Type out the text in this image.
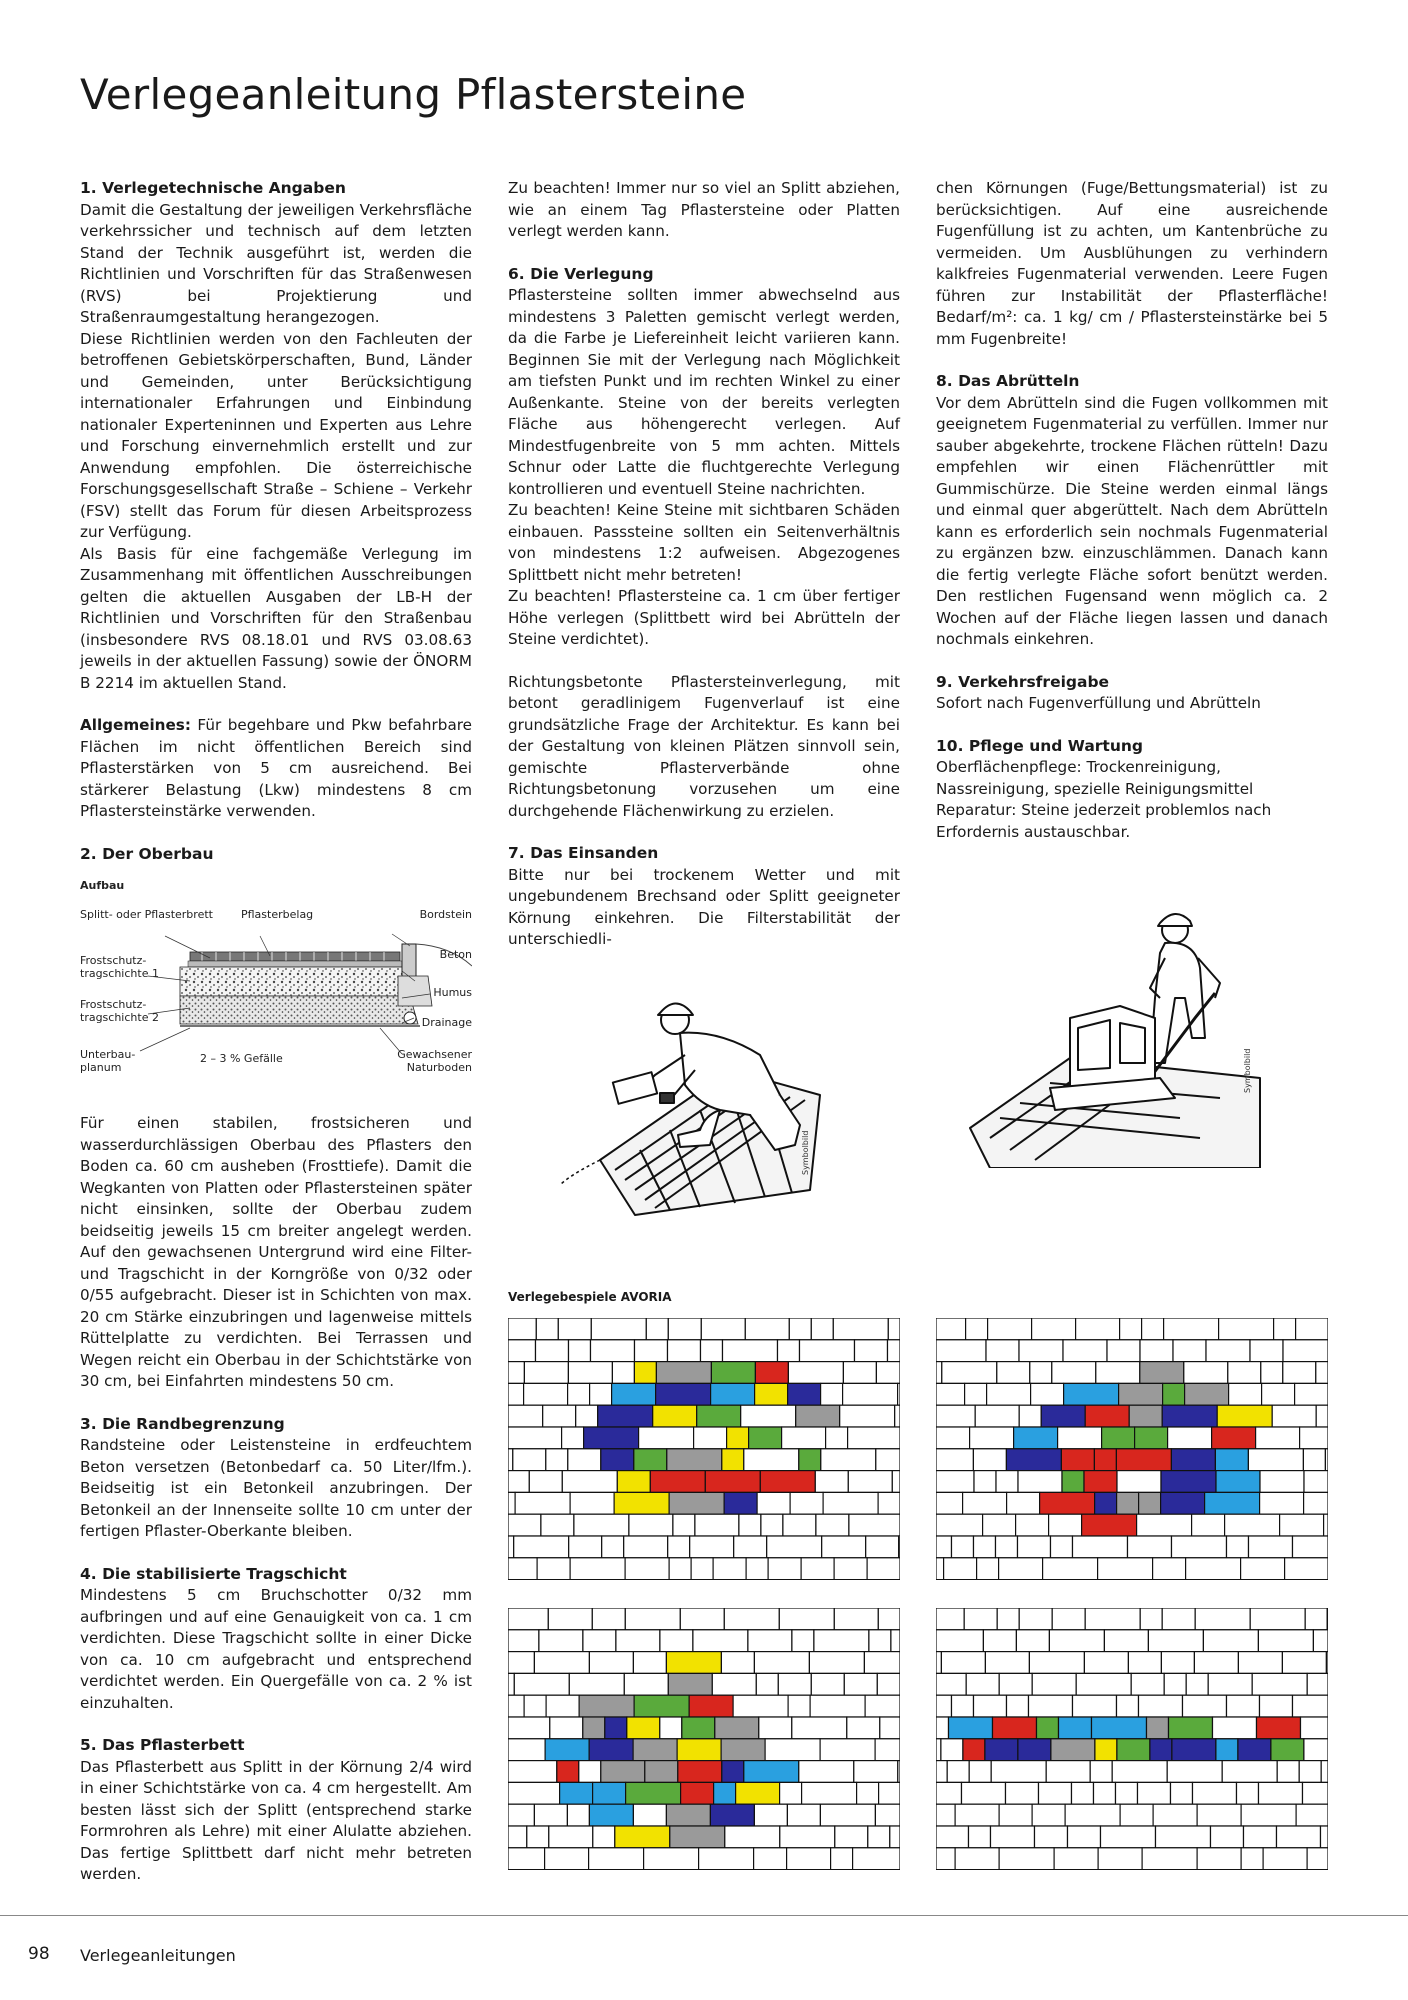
Verlegeanleitung Pflastersteine
1. Verlegetechnische Angaben

Damit die Gestaltung der jeweiligen Verkehrsfläche verkehrssicher und technisch auf dem letzten Stand der Technik ausgeführt ist, werden die Richtlinien und Vorschriften für das Straßenwesen (RVS) bei Projektierung und Straßenraumgestaltung herangezogen.

Diese Richtlinien werden von den Fachleuten der betroffenen Gebietskörperschaften, Bund, Länder und Gemeinden, unter Berücksichtigung internationaler Erfahrungen und Einbindung nationaler Experteninnen und Experten aus Lehre und Forschung einvernehmlich erstellt und zur Anwendung empfohlen. Die österreichische Forschungsgesellschaft Straße – Schiene – Verkehr (FSV) stellt das Forum für diesen Arbeitsprozess zur Verfügung.

Als Basis für eine fachgemäße Verlegung im Zusammenhang mit öffentlichen Ausschreibungen gelten die aktuellen Ausgaben der LB-H der Richtlinien und Vorschriften für den Straßenbau (insbesondere RVS 08.18.01 und RVS 03.08.63 jeweils in der aktuellen Fassung) sowie der ÖNORM B 2214 im aktuellen Stand.

Allgemeines: Für begehbare und Pkw befahrbare Flächen im nicht öffentlichen Bereich sind Pflasterstärken von 5 cm ausreichend. Bei stärkerer Belastung (Lkw) mindestens 8 cm Pflastersteinstärke verwenden.

2. Der Oberbau

Für einen stabilen, frostsicheren und wasserdurchlässigen Oberbau des Pflasters den Boden ca. 60 cm ausheben (Frosttiefe). Damit die Wegkanten von Platten oder Pflastersteinen später nicht einsinken, sollte der Oberbau zudem beidseitig jeweils 15 cm breiter angelegt werden. Auf den gewachsenen Untergrund wird eine Filter- und Tragschicht in der Korngröße von 0/32 oder 0/55 aufgebracht. Dieser ist in Schichten von max. 20 cm Stärke einzubringen und lagenweise mittels Rüttelplatte zu verdichten. Bei Terrassen und Wegen reicht ein Oberbau in der Schichtstärke von 30 cm, bei Einfahrten mindestens 50 cm.

3. Die Randbegrenzung

Randsteine oder Leistensteine in erdfeuchtem Beton versetzen (Betonbedarf ca. 50 Liter/lfm.). Beidseitig ist ein Betonkeil anzubringen. Der Betonkeil an der Innenseite sollte 10 cm unter der fertigen Pflaster-Oberkante bleiben.

4. Die stabilisierte Tragschicht

Mindestens 5 cm Bruchschotter 0/32 mm aufbringen und auf eine Genauigkeit von ca. 1 cm verdichten. Diese Tragschicht sollte in einer Dicke von ca. 10 cm aufgebracht und entsprechend verdichtet werden. Ein Quergefälle von ca. 2 % ist einzuhalten.

5. Das Pflasterbett

Das Pflasterbett aus Splitt in der Körnung 2/4 wird in einer Schichtstärke von ca. 4 cm hergestellt. Am besten lässt sich der Splitt (entsprechend starke Formrohren als Lehre) mit einer Alulatte abziehen. Das fertige Splittbett darf nicht mehr betreten werden.

Aufbau
Splitt- oder Pflasterbrett	Pflasterbelag	Bordstein
Frostschutz-
tragschichte 1
Beton
Humus
Frostschutz-
tragschichte 2	Drainage
Unterbau-
planum
2 – 3 % Gefälle	Gewachsener
Naturboden

Zu beachten! Immer nur so viel an Splitt abziehen, wie an einem Tag Pflastersteine oder Platten verlegt werden kann.

6. Die Verlegung

Pflastersteine sollten immer abwechselnd aus mindestens 3 Paletten gemischt verlegt werden, da die Farbe je Liefereinheit leicht variieren kann. Beginnen Sie mit der Verlegung nach Möglichkeit am tiefsten Punkt und im rechten Winkel zu einer Außenkante. Steine von der bereits verlegten Fläche aus höhengerecht verlegen. Auf Mindestfugenbreite von 5 mm achten. Mittels Schnur oder Latte die fluchtgerechte Verlegung kontrollieren und eventuell Steine nachrichten.

Zu beachten! Keine Steine mit sichtbaren Schäden einbauen. Passsteine sollten ein Seitenverhältnis von mindestens 1:2 aufweisen. Abgezogenes Splittbett nicht mehr betreten!

Zu beachten! Pflastersteine ca. 1 cm über fertiger Höhe verlegen (Splittbett wird bei Abrütteln der Steine verdichtet).

Richtungsbetonte Pflastersteinverlegung, mit betont geradlinigem Fugenverlauf ist eine grundsätzliche Frage der Architektur. Es kann bei der Gestaltung von kleinen Plätzen sinnvoll sein, gemischte Pflasterverbände ohne Richtungsbetonung vorzusehen um eine durchgehende Flächenwirkung zu erzielen.

7. Das Einsanden

Bitte nur bei trockenem Wetter und mit ungebundenem Brechsand oder Splitt geeigneter Körnung einkehren. Die Filterstabilität der unterschiedli-

chen Körnungen (Fuge/Bettungsmaterial) ist zu berücksichtigen. Auf eine ausreichende Fugenfüllung ist zu achten, um Kantenbrüche zu vermeiden. Um Ausblühungen zu verhindern kalkfreies Fugenmaterial verwenden. Leere Fugen führen zur Instabilität der Pflasterfläche! Bedarf/m²: ca. 1 kg/ cm / Pflastersteinstärke bei 5 mm Fugenbreite!

8. Das Abrütteln

Vor dem Abrütteln sind die Fugen vollkommen mit geeignetem Fugenmaterial zu verfüllen. Immer nur sauber abgekehrte, trockene Flächen rütteln! Dazu empfehlen wir einen Flächenrüttler mit Gummischürze. Die Steine werden einmal längs und einmal quer abgerüttelt. Nach dem Abrütteln kann es erforderlich sein nochmals Fugenmaterial zu ergänzen bzw. einzuschlämmen. Danach kann die fertig verlegte Fläche sofort benützt werden. Den restlichen Fugensand wenn möglich ca. 2 Wochen auf der Fläche liegen lassen und danach nochmals einkehren.

9. Verkehrsfreigabe

Sofort nach Fugenverfüllung und Abrütteln

10. Pflege und Wartung

Oberflächenpflege: Trockenreinigung, Nassreinigung, spezielle Reinigungsmittel

Reparatur: Steine jederzeit problemlos nach Erfordernis austauschbar.

Symbolbild
Symbolbild
Verlegebespiele AVORIA
98 Verlegeanleitungen
